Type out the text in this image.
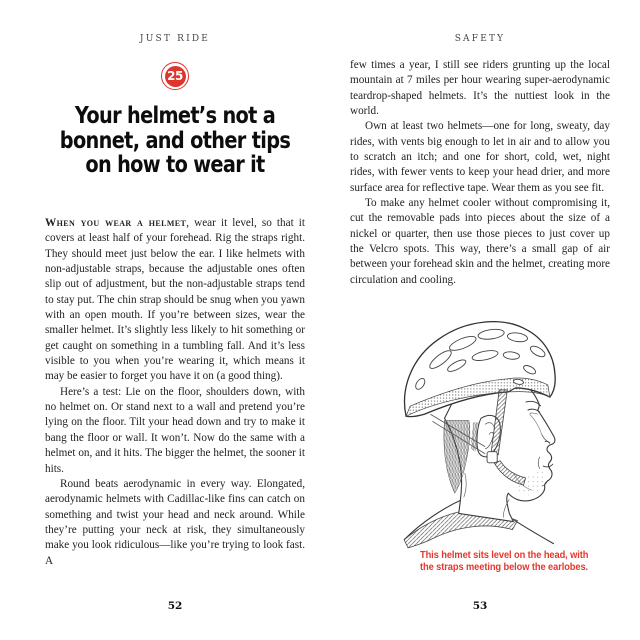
JUST RIDE
25
Your helmet’s not a
bonnet, and other tips
on how to wear it

When you wear a helmet, wear it level, so that it covers at least half of your forehead. Rig the straps right. They should meet just below the ear. I like helmets with non-adjustable straps, because the adjustable ones often slip out of adjustment, but the non-adjustable straps tend to stay put. The chin strap should be snug when you yawn with an open mouth. If you’re between sizes, wear the smaller helmet. It’s slightly less likely to hit something or get caught on something in a tumbling fall. And it’s less visible to you when you’re wearing it, which means it may be easier to forget you have it on (a good thing).

Here’s a test: Lie on the floor, shoulders down, with no helmet on. Or stand next to a wall and pretend you’re lying on the floor. Tilt your head down and try to make it bang the floor or wall. It won’t. Now do the same with a helmet on, and it hits. The bigger the helmet, the sooner it hits.

Round beats aerodynamic in every way. Elongated, aerodynamic helmets with Cadillac-like fins can catch on something and twist your head and neck around. While they’re putting your neck at risk, they simultaneously make you look ridiculous—like you’re trying to look fast. A

52
SAFETY

few times a year, I still see riders grunting up the local mountain at 7 miles per hour wearing super-aerodynamic teardrop-shaped helmets. It’s the nuttiest look in the world.

Own at least two helmets—one for long, sweaty, day rides, with vents big enough to let in air and to allow you to scratch an itch; and one for short, cold, wet, night rides, with fewer vents to keep your head drier, and more surface area for reflective tape. Wear them as you see fit.

To make any helmet cooler without compromising it, cut the removable pads into pieces about the size of a nickel or quarter, then use those pieces to just cover up the Velcro spots. This way, there’s a small gap of air between your forehead skin and the helmet, creating more circulation and cooling.

This helmet sits level on the head, with the straps meeting below the earlobes.
53
